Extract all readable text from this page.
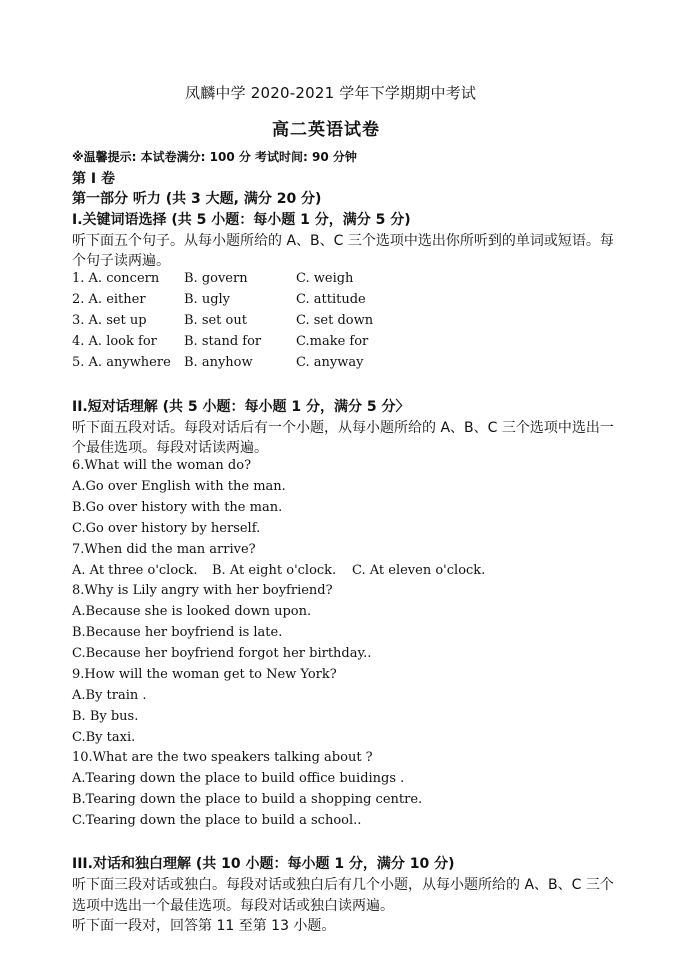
凤麟中学 2020-2021 学年下学期期中考试
高二英语试卷
※温馨提示: 本试卷满分: 100 分 考试时间: 90 分钟
第 I 卷
第一部分 听力 (共 3 大题, 满分 20 分)
I.关键词语选择 (共 5 小题：每小题 1 分，满分 5 分)
听下面五个句子。从每小题所给的 A、B、C 三个选项中选出你所听到的单词或短语。每
个句子读两遍。
1. A. concern B. govern	C. weigh
2. A. either	B. ugly	C. attitude
3. A. set up	B. set out	C. set down
4. A. look for B. stand for	C.make for
5. A. anywhere B. anyhow	C. anyway
II.短对话理解 (共 5 小题：每小题 1 分，满分 5 分〉
听下面五段对话。每段对话后有一个小题，从每小题所给的 A、B、C 三个选项中选出一
个最佳选项。每段对话读两遍。
6.What will the woman do?
A.Go over English with the man.
B.Go over history with the man.
C.Go over history by herself.
7.When did the man arrive?
A. At three o'clock. B. At eight o'clock. C. At eleven o'clock.
8.Why is Lily angry with her boyfriend?
A.Because she is looked down upon.
B.Because her boyfriend is late.
C.Because her boyfriend forgot her birthday..
9.How will the woman get to New York?
A.By train .
B. By bus.
C.By taxi.
10.What are the two speakers talking about ?
A.Tearing down the place to build office buidings .
B.Tearing down the place to build a shopping centre.
C.Tearing down the place to build a school..
III.对话和独白理解 (共 10 小题：每小题 1 分，满分 10 分)
听下面三段对话或独白。每段对话或独白后有几个小题，从每小题所给的 A、B、C 三个
选项中选出一个最佳选项。每段对话或独白读两遍。
听下面一段对，回答第 11 至第 13 小题。
